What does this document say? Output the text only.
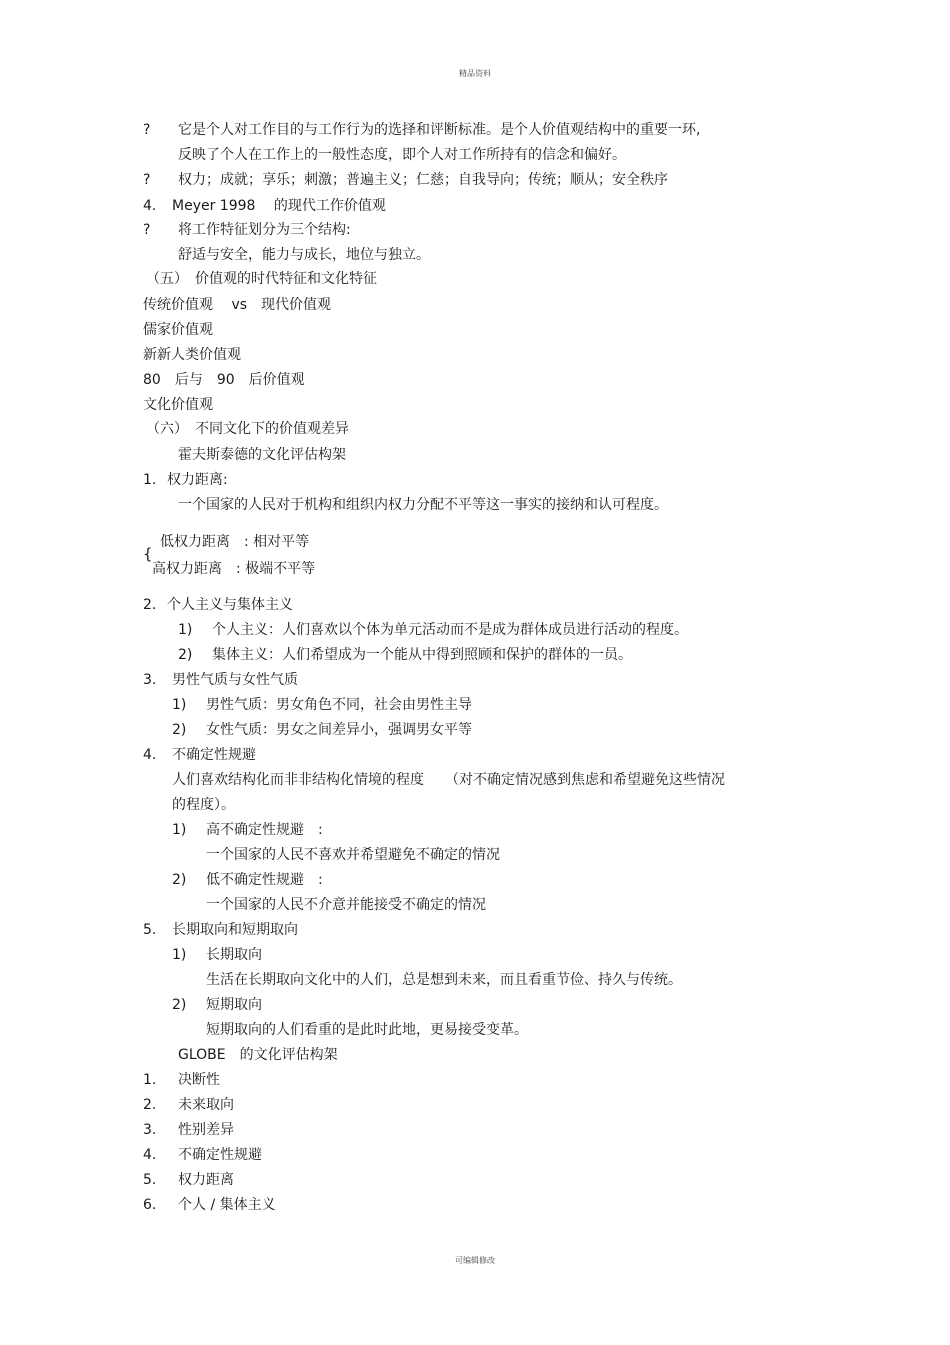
精品资料
? 它是个人对工作目的与工作行为的选择和评断标准。是个人价值观结构中的重要一环,
反映了个人在工作上的一般性态度，即个人对工作所持有的信念和偏好。
? 权力；成就；享乐；刺激；普遍主义；仁慈；自我导向；传统；顺从；安全秩序
4. Meyer 1998　 的现代工作价值观
? 将工作特征划分为三个结构:
舒适与安全，能力与成长，地位与独立。
（五）　价值观的时代特征和文化特征
传统价值观　 vs　现代价值观
儒家价值观
新新人类价值观
80　后与　90　后价值观
文化价值观
（六）　不同文化下的价值观差异
霍夫斯泰德的文化评估构架
1. 权力距离:
一个国家的人民对于机构和组织内权力分配不平等这一事实的接纳和认可程度。
{
低权力距离　: 相对平等
高权力距离　: 极端不平等
2. 个人主义与集体主义
1) 个人主义：人们喜欢以个体为单元活动而不是成为群体成员进行活动的程度。
2) 集体主义：人们希望成为一个能从中得到照顾和保护的群体的一员。
3. 男性气质与女性气质
1) 男性气质：男女角色不同，社会由男性主导
2) 女性气质：男女之间差异小，强调男女平等
4. 不确定性规避
人们喜欢结构化而非非结构化情境的程度　　（对不确定情况感到焦虑和希望避免这些情况
的程度）。
1) 高不确定性规避　:
一个国家的人民不喜欢并希望避免不确定的情况
2) 低不确定性规避　:
一个国家的人民不介意并能接受不确定的情况
5. 长期取向和短期取向
1) 长期取向
生活在长期取向文化中的人们，总是想到未来，而且看重节俭、持久与传统。
2) 短期取向
短期取向的人们看重的是此时此地，更易接受变革。
GLOBE　的文化评估构架
1. 决断性
2. 未来取向
3. 性别差异
4. 不确定性规避
5. 权力距离
6. 个人 / 集体主义
可编辑修改
